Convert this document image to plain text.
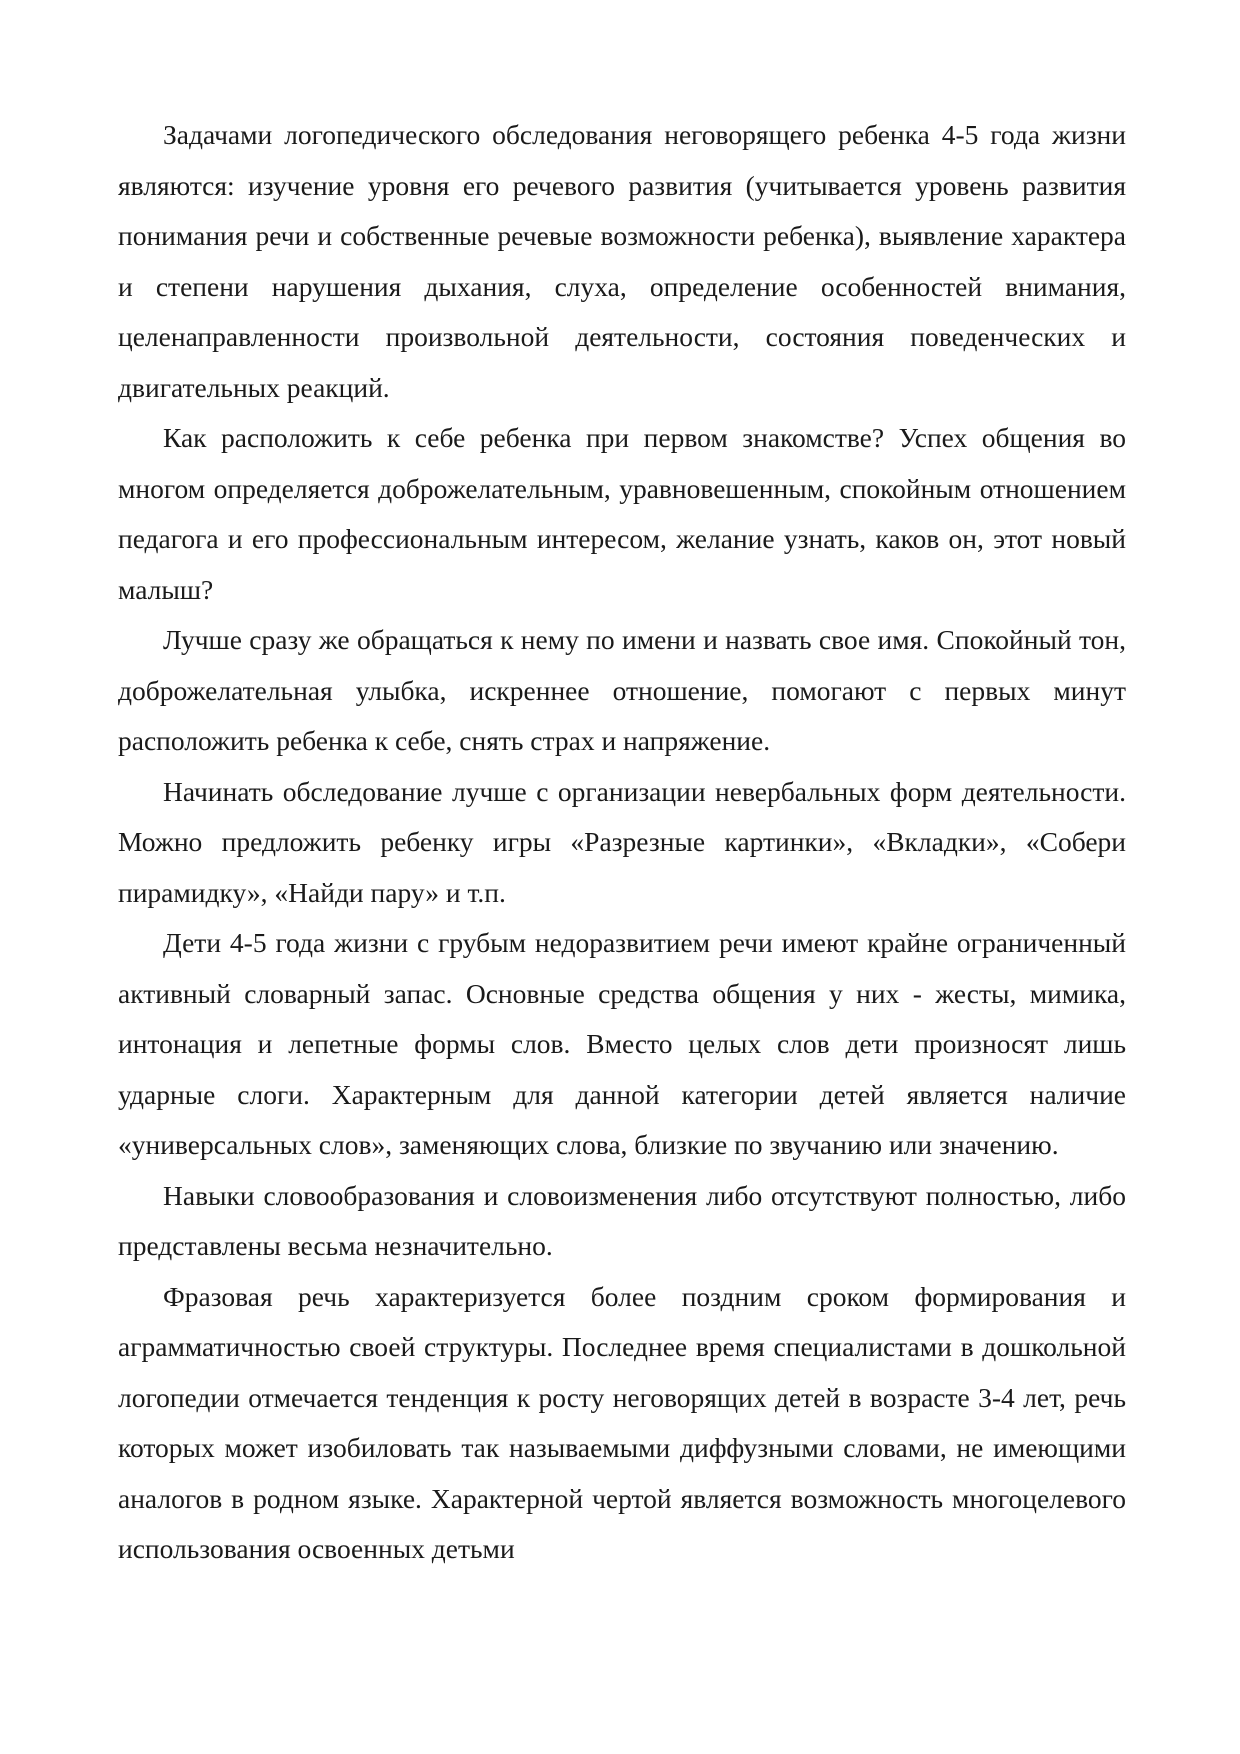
Задачами логопедического обследования неговорящего ребенка 4-5 года жизни являются: изучение уровня его речевого развития (учитывается уровень развития понимания речи и собственные речевые возможности ребенка), выявление характера и степени нарушения дыхания, слуха, определение особенностей внимания, целенаправленности произвольной деятельности, состояния поведенческих и двигательных реакций.

Как расположить к себе ребенка при первом знакомстве? Успех общения во многом определяется доброжелательным, уравновешенным, спокойным отношением педагога и его профессиональным интересом, желание узнать, каков он, этот новый малыш?

Лучше сразу же обращаться к нему по имени и назвать свое имя. Спокойный тон, доброжелательная улыбка, искреннее отношение, помогают с первых минут расположить ребенка к себе, снять страх и напряжение.

Начинать обследование лучше с организации невербальных форм деятельности. Можно предложить ребенку игры «Разрезные картинки», «Вкладки», «Собери пирамидку», «Найди пару» и т.п.

Дети 4-5 года жизни с грубым недоразвитием речи имеют крайне ограниченный активный словарный запас. Основные средства общения у них - жесты, мимика, интонация и лепетные формы слов. Вместо целых слов дети произносят лишь ударные слоги. Характерным для данной категории детей является наличие «универсальных слов», заменяющих слова, близкие по звучанию или значению.

Навыки словообразования и словоизменения либо отсутствуют полностью, либо представлены весьма незначительно.

Фразовая речь характеризуется более поздним сроком формирования и аграмматичностью своей структуры. Последнее время специалистами в дошкольной логопедии отмечается тенденция к росту неговорящих детей в возрасте 3-4 лет, речь которых может изобиловать так называемыми диффузными словами, не имеющими аналогов в родном языке. Характерной чертой является возможность многоцелевого использования освоенных детьми
